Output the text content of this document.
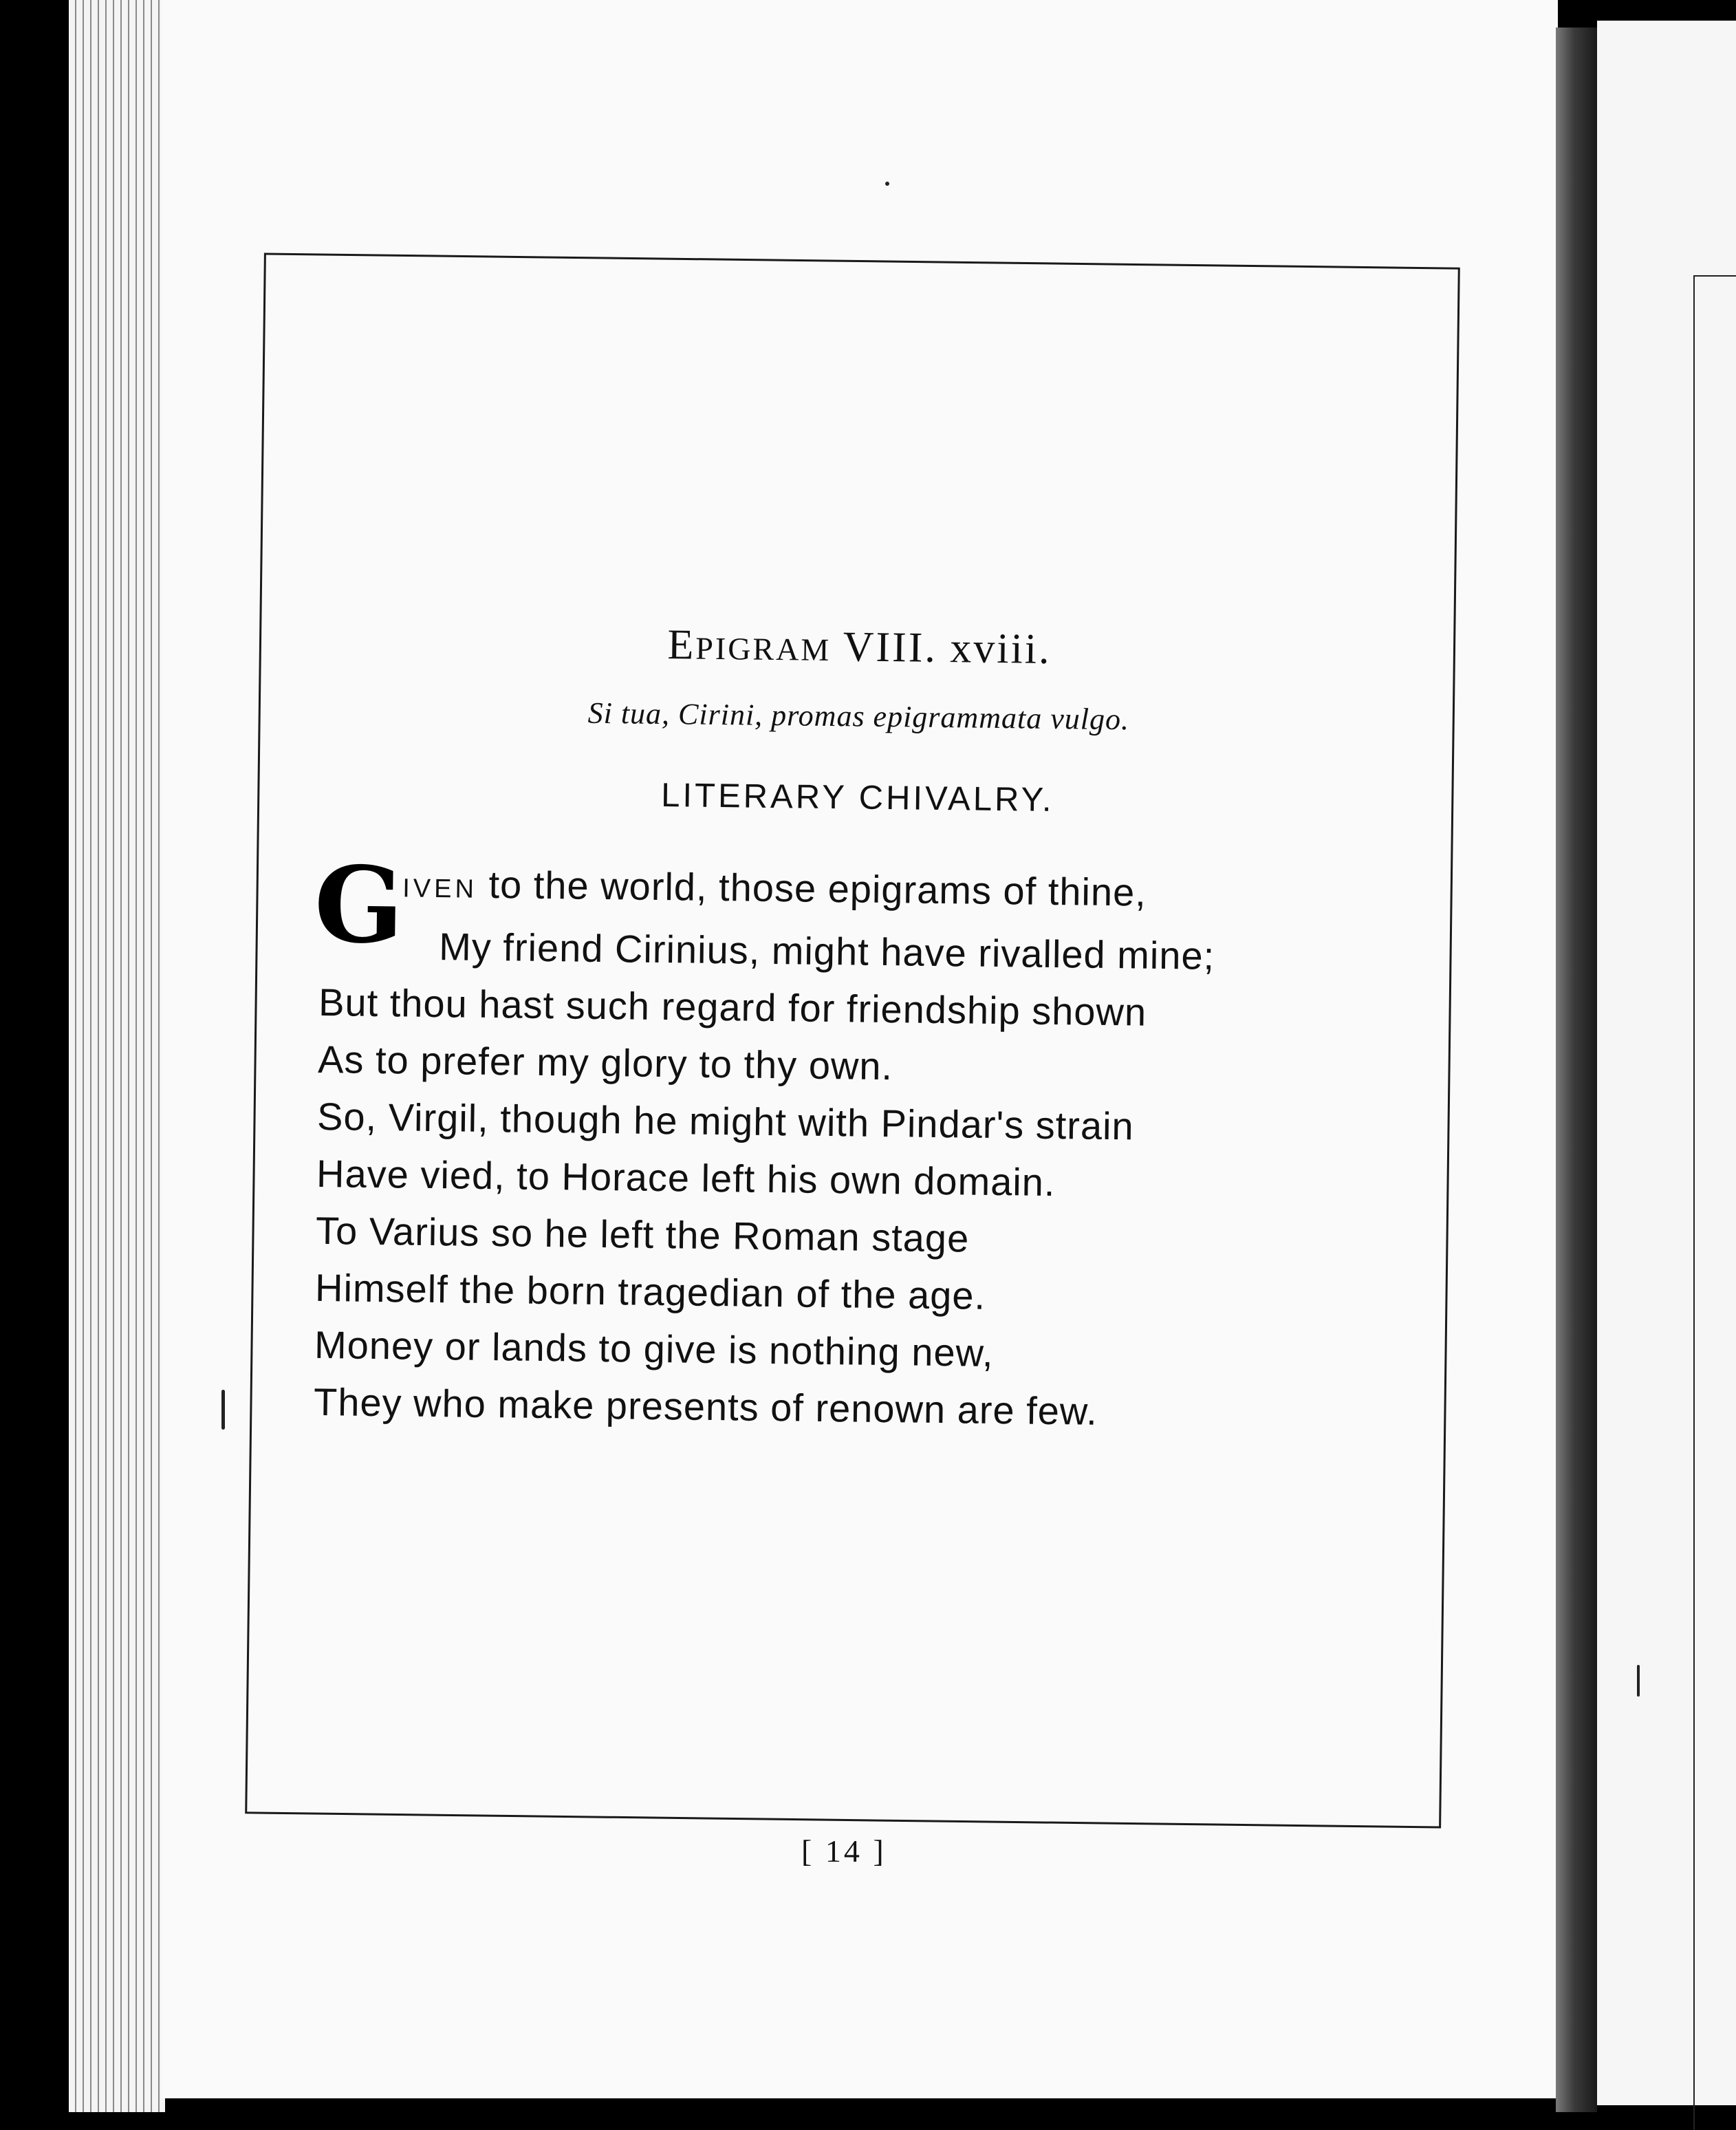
EPIGRAM VIII. xviii.
Si tua, Cirini, promas epigrammata vulgo.
LITERARY CHIVALRY.
G
IVEN to the world, those epigrams of thine,
My friend Cirinius, might have rivalled mine;
But thou hast such regard for friendship shown
As to prefer my glory to thy own.
So, Virgil, though he might with Pindar's strain
Have vied, to Horace left his own domain.
To Varius so he left the Roman stage
Himself the born tragedian of the age.
Money or lands to give is nothing new,
They who make presents of renown are few.
[ 14 ]
